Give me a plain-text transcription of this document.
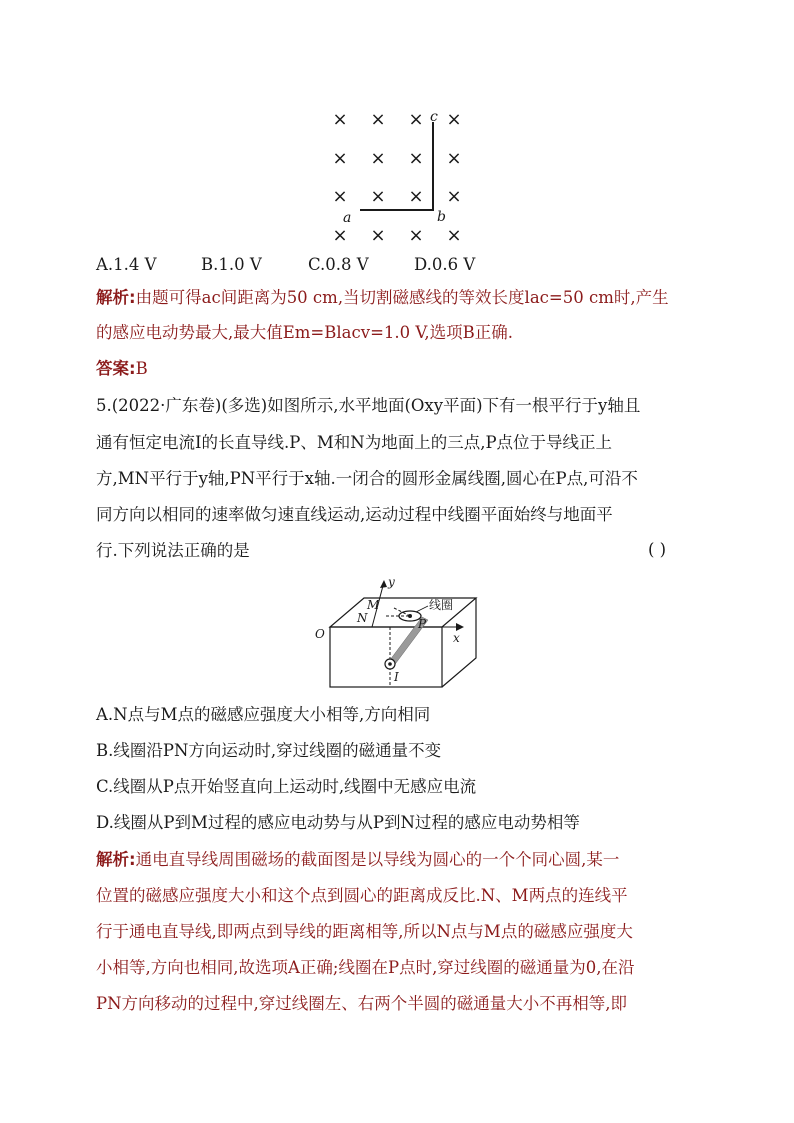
× × × ×
× × × ×
× × × ×
× × × ×
a	b
c
A.1.4 V	B.1.0 V	C.0.8 V	D.0.6 V
解析:由题可得ac间距离为50 cm,当切割磁感线的等效长度lac=50 cm时,产生
的感应电动势最大,最大值Em=Blacv=1.0 V,选项B正确.
答案:B
5.(2022·广东卷)(多选)如图所示,水平地面(Oxy平面)下有一根平行于y轴且
通有恒定电流I的长直导线.P、M和N为地面上的三点,P点位于导线正上
方,MN平行于y轴,PN平行于x轴.一闭合的圆形金属线圈,圆心在P点,可沿不
同方向以相同的速率做匀速直线运动,运动过程中线圈平面始终与地面平
行.下列说法正确的是	( )
y
x
O
M
N	P
I
线圈
A.N点与M点的磁感应强度大小相等,方向相同
B.线圈沿PN方向运动时,穿过线圈的磁通量不变
C.线圈从P点开始竖直向上运动时,线圈中无感应电流
D.线圈从P到M过程的感应电动势与从P到N过程的感应电动势相等
解析:通电直导线周围磁场的截面图是以导线为圆心的一个个同心圆,某一
位置的磁感应强度大小和这个点到圆心的距离成反比.N、M两点的连线平
行于通电直导线,即两点到导线的距离相等,所以N点与M点的磁感应强度大
小相等,方向也相同,故选项A正确;线圈在P点时,穿过线圈的磁通量为0,在沿
PN方向移动的过程中,穿过线圈左、右两个半圆的磁通量大小不再相等,即
